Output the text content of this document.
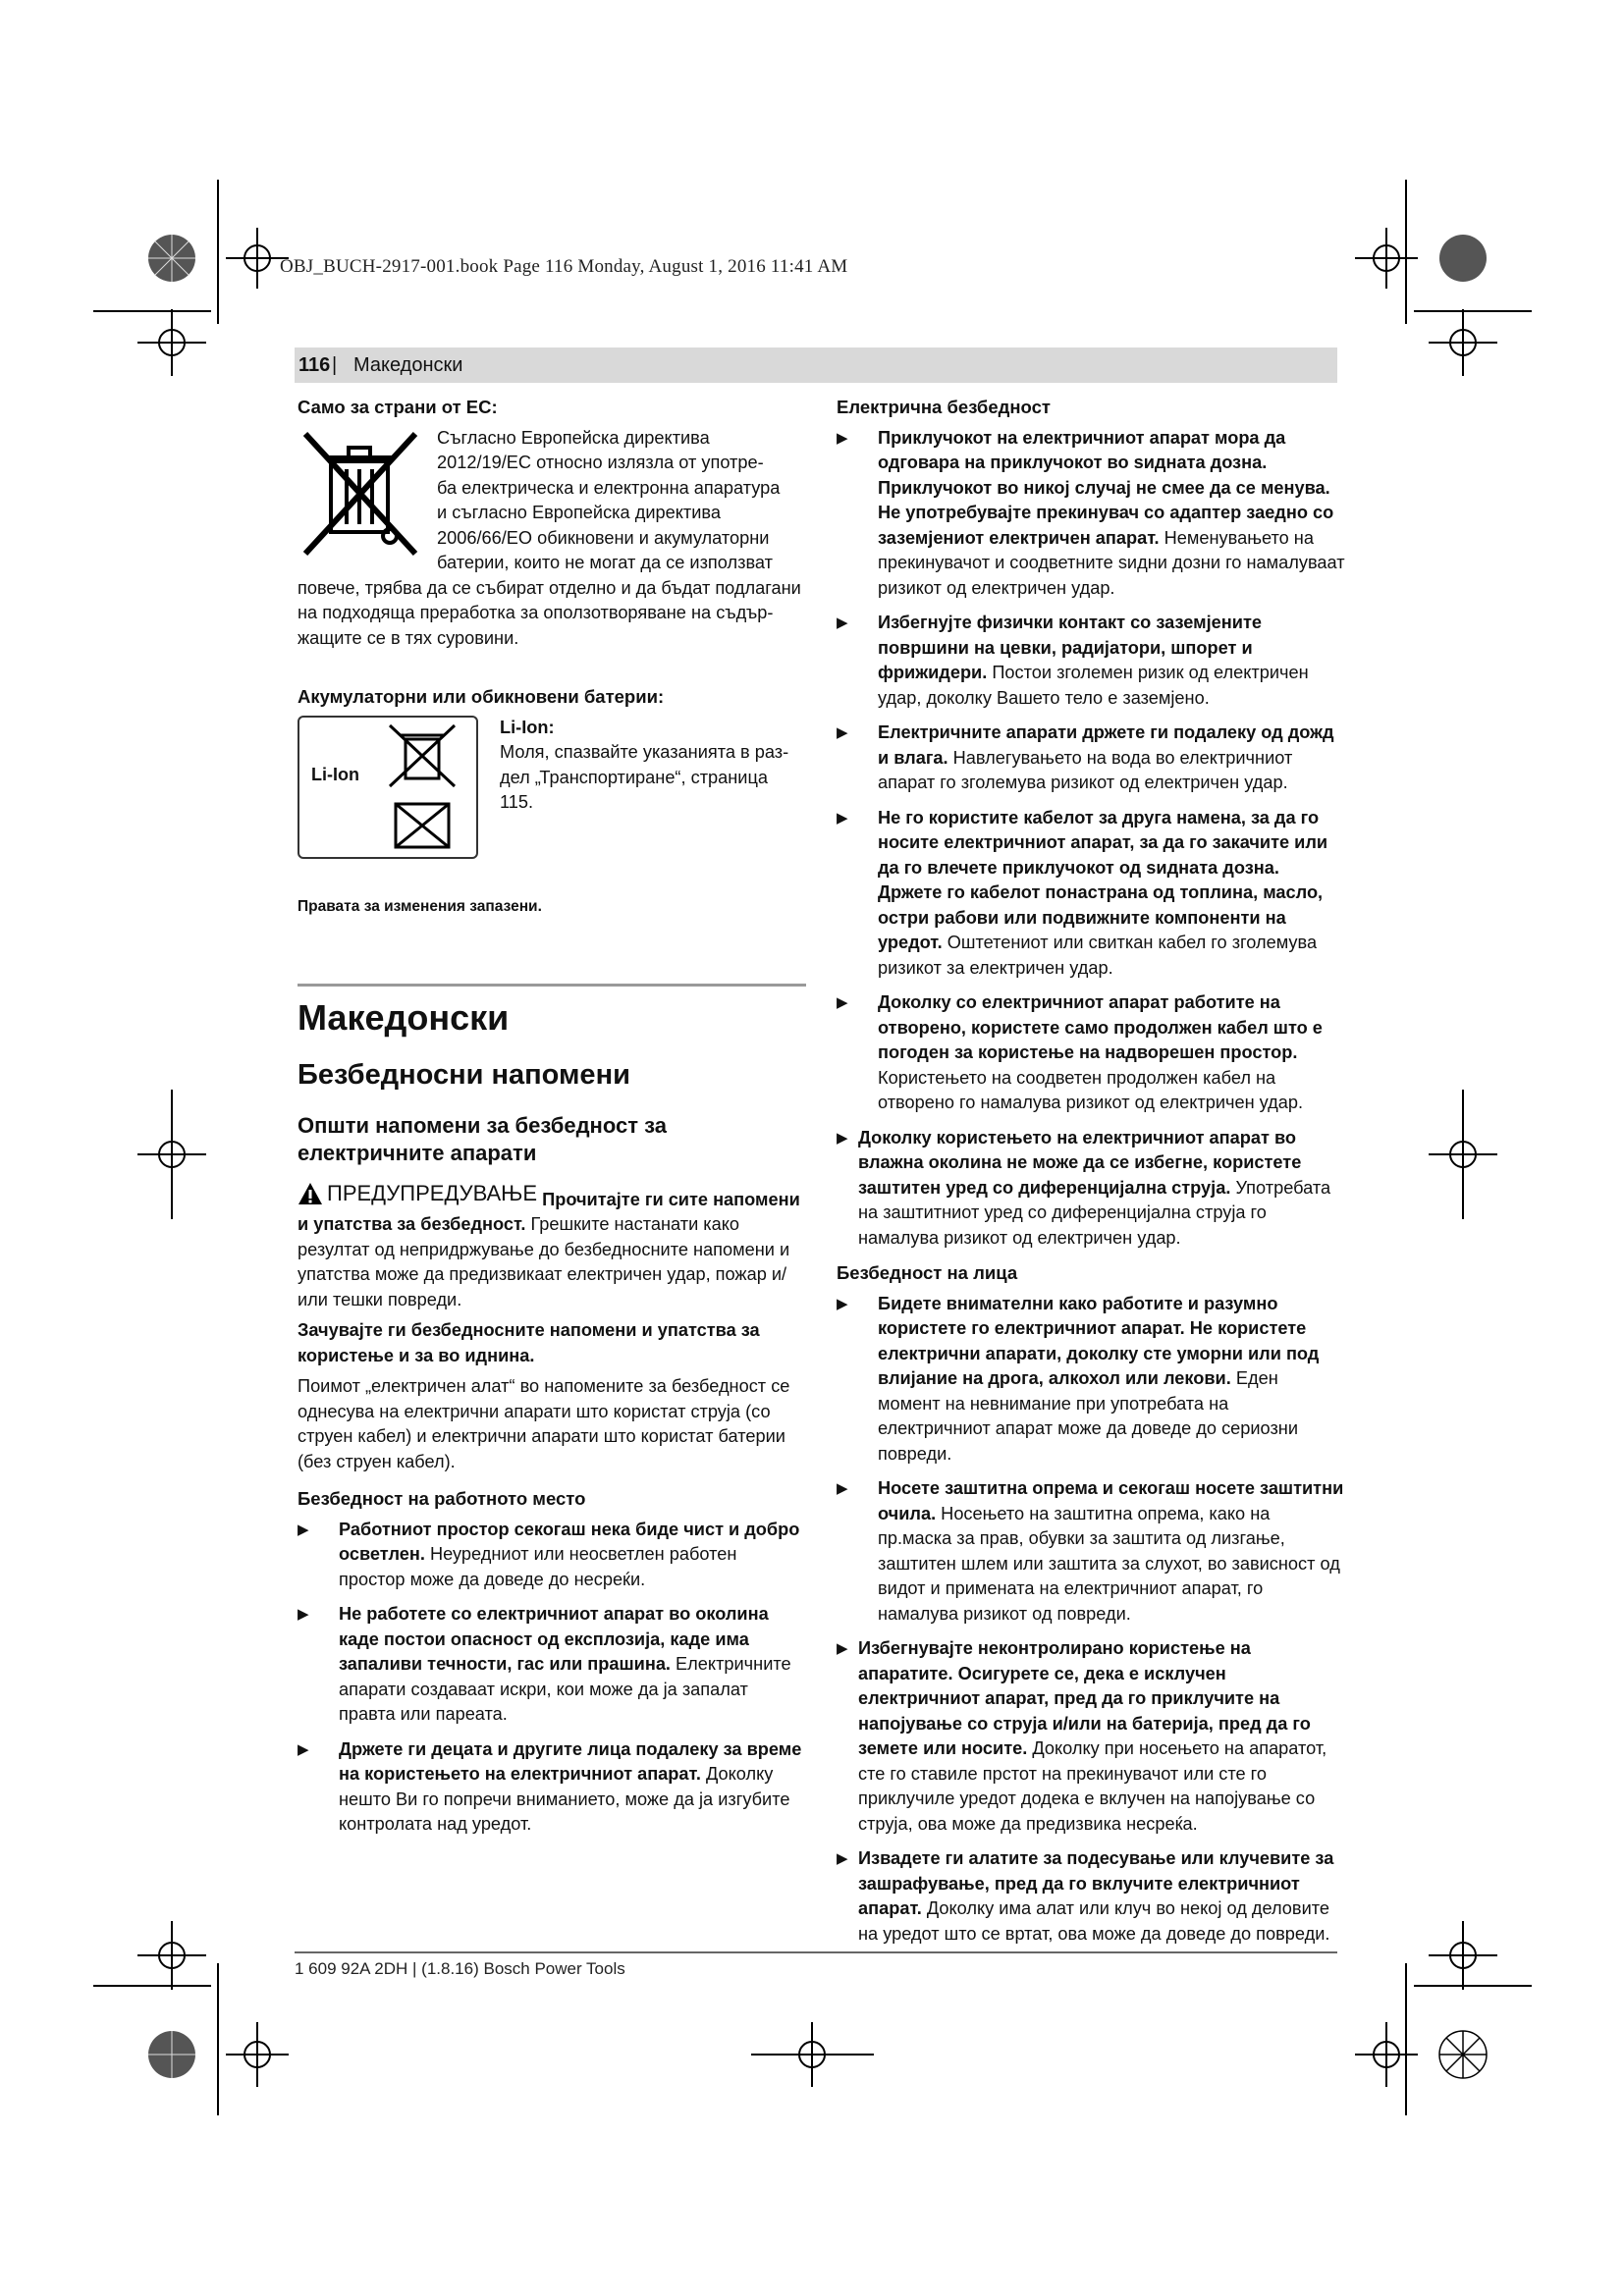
OBJ_BUCH-2917-001.book Page 116 Monday, August 1, 2016 11:41 AM
116 | Македонски

Само за страни от ЕС:

Съгласно Европейска директива

2012/19/EC относно излязла от употре-

ба електрическа и електронна апаратура

и съгласно Европейска директива

2006/66/ЕО обикновени и акумулаторни

батерии, които не могат да се използват

повече, трябва да се събират отделно и да бъдат подлагани на подходяща преработка за оползотворяване на съдържащите се в тях суровини.

Акумулаторни или обикновени батерии:

Li-Ion

Li-Ion:

Моля, спазвайте указанията в раздел „Транспортиране“, страница 115.

Правата за изменения запазени.

Македонски

Безбедносни напомени

Општи напомени за безбедност за електричните апарати

ПРЕДУПРЕДУВАЊЕ Прочитајте ги сите напомени и упатства за безбедност. Грешките настанати како резултат од непридржување до безбедносните напомени и упатства може да предизвикаат електричен удар, пожар и/или тешки повреди.

Зачувајте ги безбедносните напомени и упатства за користење и за во иднина.

Поимот „електричен алат“ во напомените за безбедност се однесува на електрични апарати што користат струја (со струен кабел) и електрични апарати што користат батерии (без струен кабел).

Безбедност на работното место

▶ Работниот простор секогаш нека биде чист и добро осветлен. Неуредниот или неосветлен работен простор може да доведе до несреќи.
▶ Не работете со електричниот апарат во околина каде постои опасност од експлозија, каде има запаливи течности, гас или прашина. Електричните апарати создаваат искри, кои може да ја запалат правта или пареата.
▶ Држете ги децата и другите лица подалеку за време на користењето на електричниот апарат. Доколку нешто Ви го попречи вниманието, може да ја изгубите контролата над уредот.

Електрична безбедност

▶ Приклучокот на електричниот апарат мора да одговара на приклучокот во ѕидната дозна. Приклучокот во никој случај не смее да се менува. Не употребувајте прекинувач со адаптер заедно со заземјениот електричен апарат. Неменувањето на прекинувачот и соодветните ѕидни дозни го намалуваат ризикот од електричен удар.
▶ Избегнујте физички контакт со заземјените површини на цевки, радијатори, шпорет и фрижидери. Постои зголемен ризик од електричен удар, доколку Вашето тело е заземјено.
▶ Електричните апарати држете ги подалеку од дожд и влага. Навлегувањето на вода во електричниот апарат го зголемува ризикот од електричен удар.
▶ Не го користите кабелот за друга намена, за да го носите електричниот апарат, за да го закачите или да го влечете приклучокот од ѕидната дозна. Држете го кабелот понастрана од топлина, масло, остри рабови или подвижните компоненти на уредот. Оштетениот или свиткан кабел го зголемува ризикот за електричен удар.
▶ Доколку со електричниот апарат работите на отворено, користете само продолжен кабел што е погоден за користење на надворешен простор. Користењето на соодветен продолжен кабел на отворено го намалува ризикот од електричен удар.
▶ Доколку користењето на електричниот апарат во влажна околина не може да се избегне, користете заштитен уред со диференцијална струја. Употребата на заштитниот уред со диференцијална струја го намалува ризикот од електричен удар.

Безбедност на лица

▶ Бидете внимателни како работите и разумно користете го електричниот апарат. Не користете електрични апарати, доколку сте уморни или под влијание на дрога, алкохол или лекови. Еден момент на невнимание при употребата на електричниот апарат може да доведе до сериозни повреди.
▶ Носете заштитна опрема и секогаш носете заштитни очила. Носењето на заштитна опрема, како на пр.маска за прав, обувки за заштита од лизгање, заштитен шлем или заштита за слухот, во зависност од видот и примената на електричниот апарат, го намалува ризикот од повреди.
▶ Избегнувајте неконтролирано користење на апаратите. Осигурете се, дека е исклучен електричниот апарат, пред да го приклучите на напојување со струја и/или на батерија, пред да го земете или носите. Доколку при носењето на апаратот, сте го ставиле прстот на прекинувачот или сте го приклучиле уредот додека е вклучен на напојување со струја, ова може да предизвика несреќа.
▶ Извадете ги алатите за подесување или клучевите за зашрафување, пред да го вклучите електричниот апарат. Доколку има алат или клуч во некој од деловите на уредот што се вртат, ова може да доведе до повреди.
1 609 92A 2DH | (1.8.16) Bosch Power Tools
